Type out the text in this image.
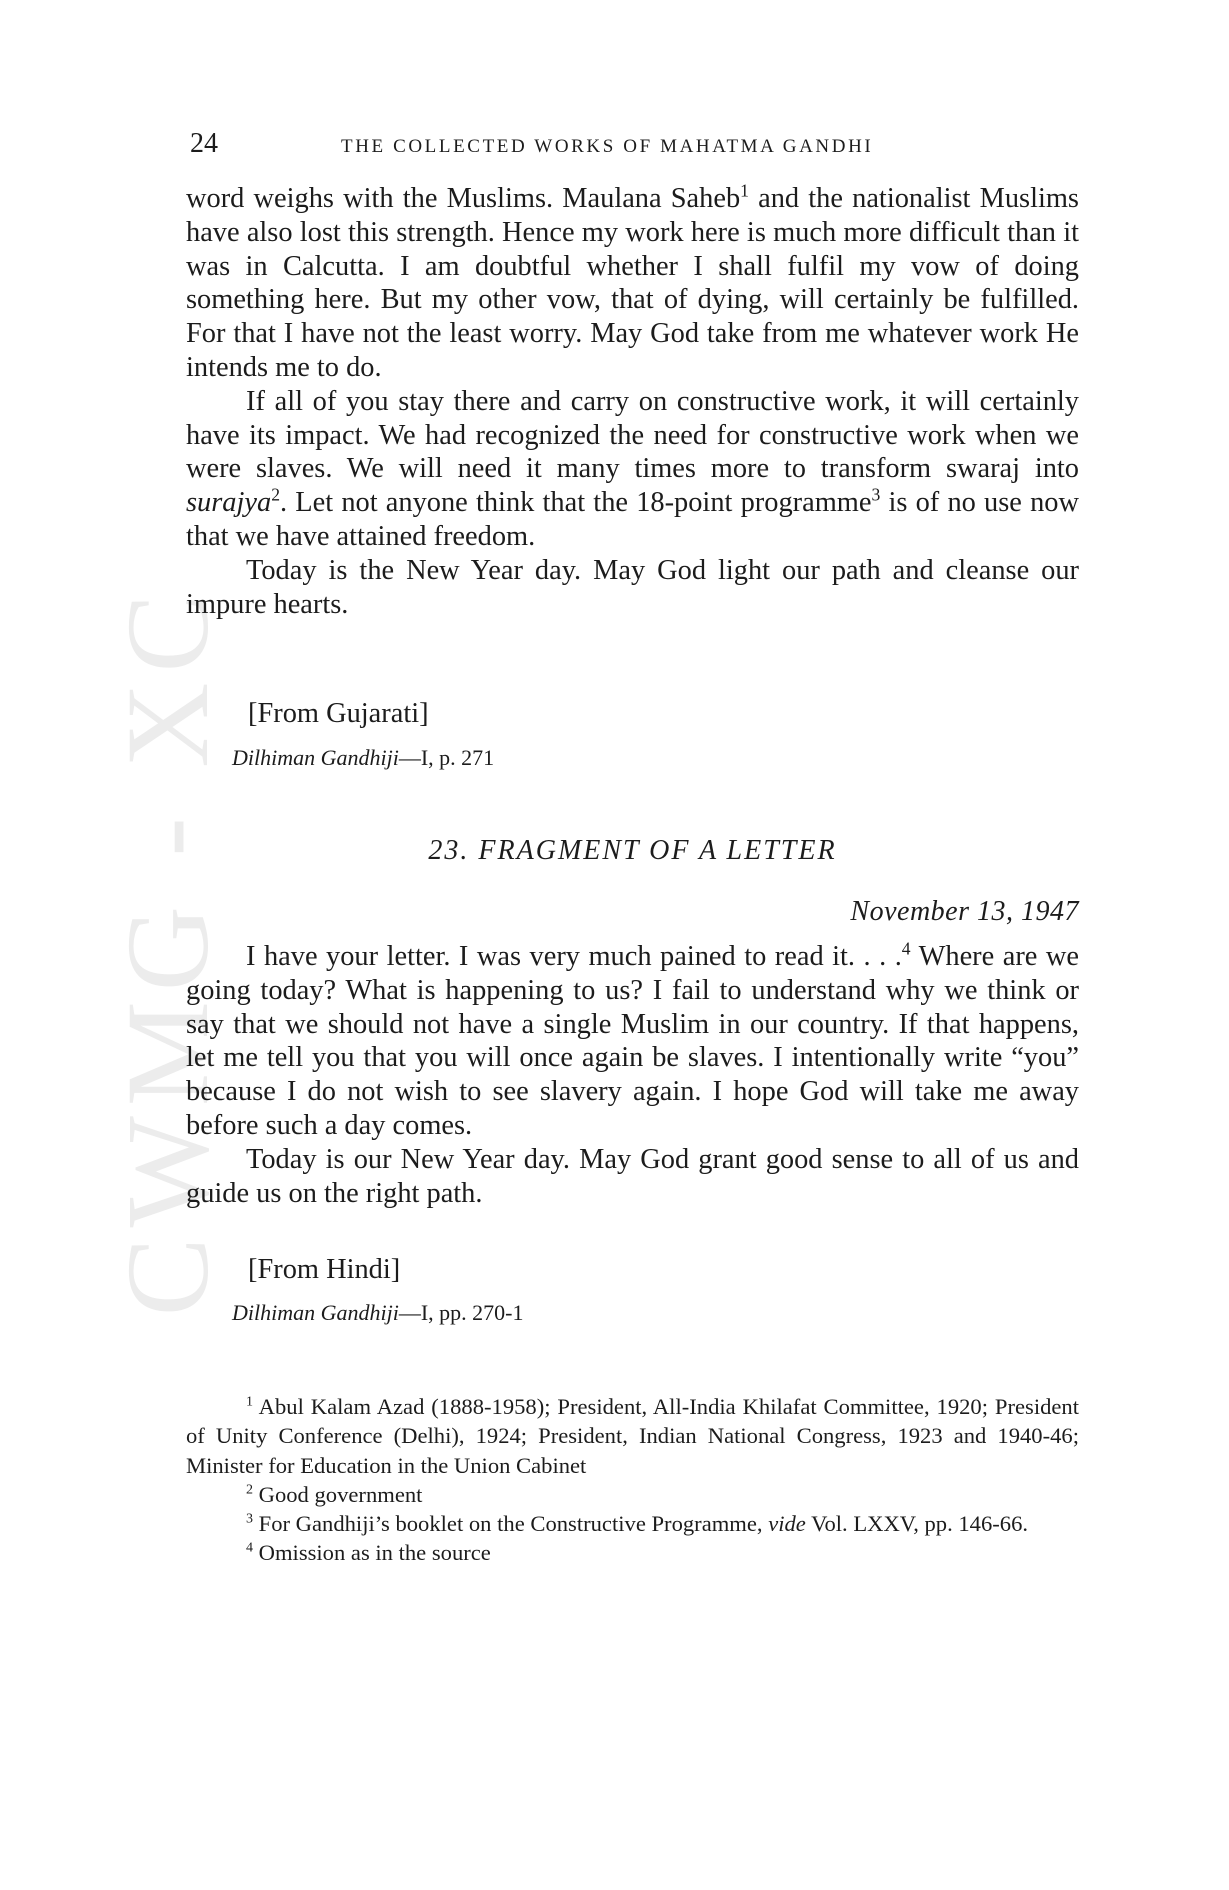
CWMG - XC
24	THE COLLECTED WORKS OF MAHATMA GANDHI

word weighs with the Muslims. Maulana Saheb$^1$ and the nationalist Muslims have also lost this strength. Hence my work here is much more difficult than it was in Calcutta. I am doubtful whether I shall fulfil my vow of doing something here. But my other vow, that of dying, will certainly be fulfilled. For that I have not the least worry. May God take from me whatever work He intends me to do.

If all of you stay there and carry on constructive work, it will certainly have its impact. We had recognized the need for constructive work when we were slaves. We will need it many times more to transform swaraj into surajya$^2$. Let not anyone think that the 18-point programme$^3$ is of no use now that we have attained freedom.

Today is the New Year day. May God light our path and cleanse our impure hearts.

[From Gujarati]
Dilhiman Gandhiji—I, p. 271
23. FRAGMENT OF A LETTER
November 13, 1947

I have your letter. I was very much pained to read it. . . .$^4$ Where are we going today? What is happening to us? I fail to understand why we think or say that we should not have a single Muslim in our country. If that happens, let me tell you that you will once again be slaves. I intentionally write “you” because I do not wish to see slavery again. I hope God will take me away before such a day comes.

Today is our New Year day. May God grant good sense to all of us and guide us on the right path.

[From Hindi]
Dilhiman Gandhiji—I, pp. 270-1

$^1$ Abul Kalam Azad (1888-1958); President, All-India Khilafat Committee, 1920; President of Unity Conference (Delhi), 1924; President, Indian National Congress, 1923 and 1940-46; Minister for Education in the Union Cabinet

$^2$ Good government

$^3$ For Gandhiji’s booklet on the Constructive Programme, vide Vol. LXXV, pp. 146-66.

$^4$ Omission as in the source
